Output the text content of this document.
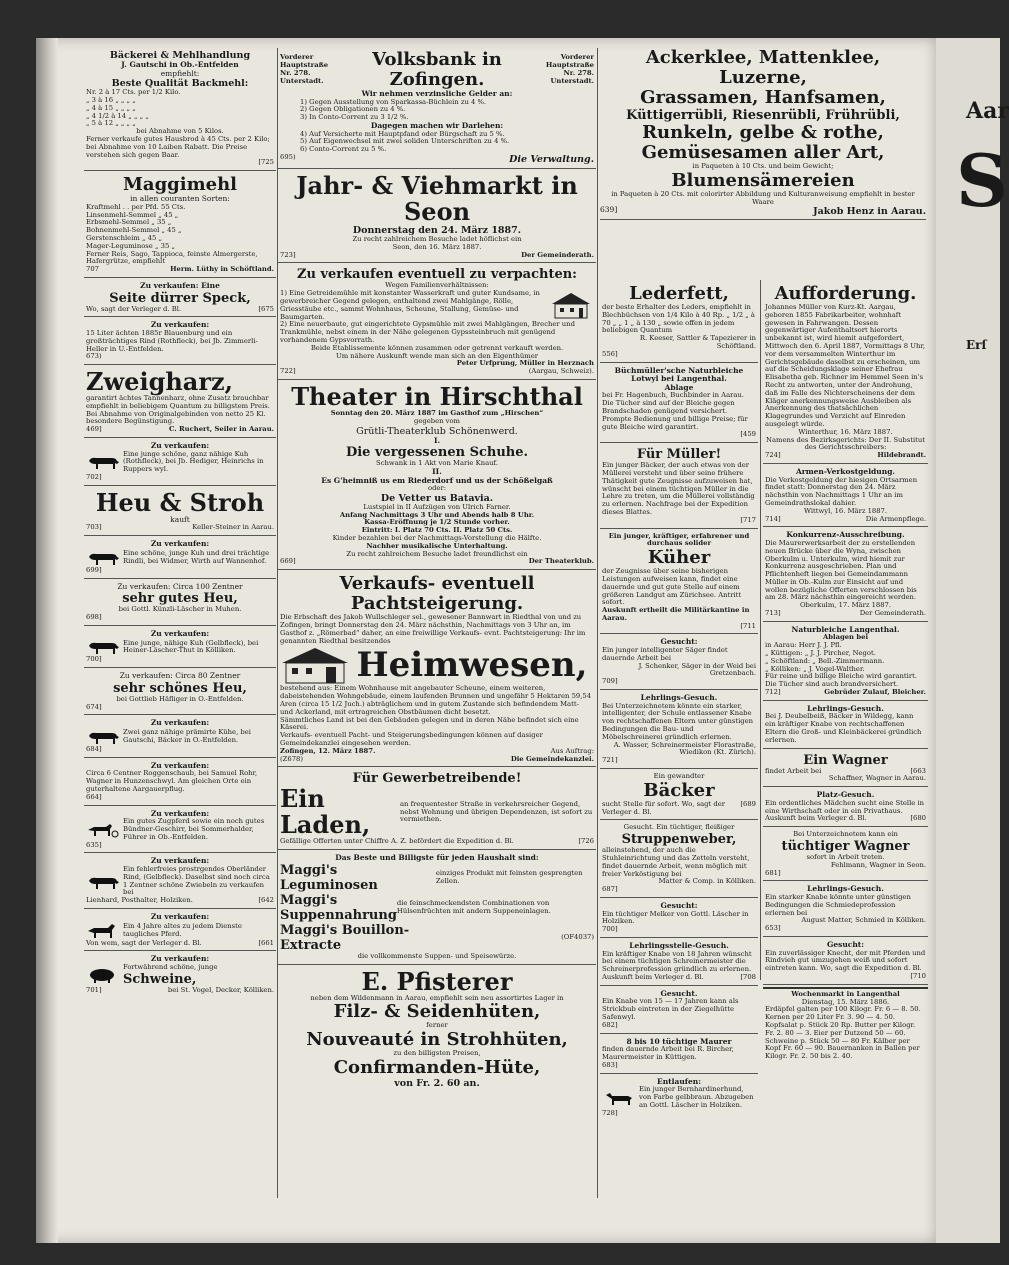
Aar
S
Erſ
Bäckerei & Mehlhandlung
J. Gautschi in Ob.-Entfelden
empfiehlt:
Beste Qualität Backmehl:
Nr. 2 à 17 Cts. per 1/2 Kilo.
„ 3 à 16 „ „ „ „
„ 4 à 15 „ „ „ „
„ 4 1/2 à 14 „ „ „ „
„ 5 à 12 „ „ „ „
bei Abnahme von 5 Kilos.
Ferner verkaufe gutes Hausbrod à 45 Cts. per 2 Kilo; bei Abnahme von 10 Laiben Rabatt. Die Preise verstehen sich gegen Baar.
[725
Maggimehl
in allen couranten Sorten:
Kraftmehl . . per Pfd. 55 Cts.
Linsenmehl-Semmel „ 45 „
Erbsmehl-Semmel „ 35 „
Bohnenmehl-Semmel „ 45 „
Gerstenschleim „ 45 „
Mager-Leguminose „ 35 „
Ferner Reis, Sago, Tappioca, feinste Almergerste, Hafergrütze, empfiehlt
707	Herm. Lüthy in Schöftland.
Zu verkaufen: Eine
Seite dürrer Speck,
Wo, sagt der Verleger d. Bl.	[675
Zu verkaufen:
15 Liter ächten 1885r Blauenburg und ein großträchtiges Rind (Rothfleck), bei Jb. Zimmerli-Heller in U.-Entfelden.
673)
Zweigharz,
garantirt ächtes Tannenharz, ohne Zusatz brauchbar empfiehlt in beliebigem Quantum zu billigstem Preis. Bei Abnahme von Originalgebinden von netto 25 Kl. besondere Begünstigung.
469]	C. Ruchert, Seiler in Aarau.
Zu verkaufen:
Eine junge schöne, ganz nähige Kuh (Rothfleck), bei Jb. Hediger, Heinrichs in Ruppers wyl.
702]
Heu & Stroh
kauft
703]	Keller-Steiner in Aarau.
Zu verkaufen:
Eine schöne, junge Kuh und drei trächtige Rindli, bei Widmer, Wirth auf Wannenhof.
699]
Zu verkaufen: Circa 100 Zentner
sehr gutes Heu,
bei Gottl. Künzli-Läscher in Muhen.
698]
Zu verkaufen:
Eine junge, nähige Kuh (Gelbfleck), bei Heiner-Läscher-Thut in Kölliken.
700]
Zu verkaufen: Circa 80 Zentner
sehr schönes Heu,
bei Gottlieb Häfliger in O.-Entfelden.
674]
Zu verkaufen:
Zwei ganz nähige prämirte Kühe, bei Gautschi, Bäcker in O.-Entfelden.
684]
Zu verkaufen:
Circa 6 Centner Roggenschaub, bei Samuel Rohr, Wagner in Hunzenschwyl. Am gleichen Orte ein guterhaltene Aargauerpflug.
664]
Zu verkaufen:
Ein gutes Zugpferd sowie ein noch gutes Bündner-Geschirr, bei Sommerhalder, Führer in Ob.-Entfelden.
635]
Zu verkaufen:
Ein fehlerfreies prostrgendes Oberländer Rind, (Gelbfleck). Daselbst sind noch circa 1 Zentner schöne Zwiebeln zu verkaufen bei
Lienhard, Posthalter, Holziken.	[642
Zu verkaufen:
Ein 4 Jahre altes zu jedem Dienste taugliches Pferd.
Von wem, sagt der Verleger d. Bl.	[661
Zu verkaufen:
Fortwährend schöne, junge
Schweine,
701]	bei St. Vogel, Decker, Kölliken.
Vorderer Hauptstraße Nr. 278. Unterstadt.
Volksbank in Zofingen.
Vorderer Hauptstraße Nr. 278. Unterstadt.
Wir nehmen verzinsliche Gelder an:
1) Gegen Ausstellung von Sparkassa-Büchlein zu 4 %.
2) Gegen Obligationen zu 4 %.
3) In Conto-Corrent zu 3 1/2 %.
Dagegen machen wir Darlehen:
4) Auf Versicherte mit Hauptpfand oder Bürgschaft zu 5 %.
5) Auf Eigenwechsel mit zwei soliden Unterschriften zu 4 %.
6) Conto-Corrent zu 5 %.
695)	Die Verwaltung.
Jahr- & Viehmarkt in Seon
Donnerstag den 24. März 1887.
Zu recht zahlreichem Besuche ladet höflichst ein
Seon, den 16. März 1887.
723]	Der Gemeinderath.
Zu verkaufen eventuell zu verpachten:
Wegen Familienverhältnissen:
1) Eine Getreidemühle mit konstanter Wasserkraft und guter Kundsame, in gewerbreicher Gegend gelegen, enthaltend zwei Mahlgänge, Rölle, Griesstäube etc., sammt Wohnhaus, Scheune, Stallung, Gemüse- und Baumgarten.
2) Eine neuerbaute, gut eingerichtete Gypsmühle mit zwei Mahlgängen, Brecher und Trankmühle, nebst einem in der Nähe gelegenen Gypssteinbruch mit genügend vorhandenem Gypsvorrath.
Beide Etablissemente können zusammen oder getrennt verkauft werden.
Um nähere Auskunft wende man sich an den Eigenthümer
Peter Urfprung, Müller in Herznach
722]	(Aargau, Schweiz).
Theater in Hirschthal
Sonntag den 20. März 1887 im Gasthof zum „Hirschen“
gegeben vom
Grütli-Theaterklub Schönenwerd.
I.
Die vergessenen Schuhe.
Schwank in 1 Akt von Marie Knauf.
II.
Es G'heimniß us em Riederdorf und us der Schößelgaß
oder:
De Vetter us Batavia.
Lustspiel in II Aufzügen von Ulrich Farner.
Anfang Nachmittags 3 Uhr und Abends halb 8 Uhr.
Kassa-Eröffnung je 1/2 Stunde vorher.
Eintritt: I. Platz 70 Cts. II. Platz 50 Cts.
Kinder bezahlen bei der Nachmittags-Vorstellung die Hälfte.
Nachher musikalische Unterhaltung.
Zu recht zahlreichem Besuche ladet freundlichst ein
669]	Der Theaterklub.
Verkaufs- eventuell Pachtsteigerung.
Die Erbschaft des Jakob Wullschleger sel., gewesener Bannwart in Riedthal von und zu Zofingen, bringt Donnerstag den 24. März nächsthin, Nachmittags von 3 Uhr an, im Gasthof z. „Römerbad“ daher, an eine freiwillige Verkaufs- evnt. Pachtsteigerung: Ihr im genannten Riedthal besitzendes
Heimwesen,
bestehend aus: Einem Wohnhause mit angebauter Scheune, einem weiteren, dabeistehenden Wohngebäude, einem laufenden Brunnen und ungefähr 5 Hektaren 59,54 Aren (circa 15 1/2 Juch.) abträglichem und in gutem Zustande sich befindendem Matt- und Ackerland, mit ertragreichen Obstbäumen dicht besetzt.
Sämmtliches Land ist bei den Gebäuden gelegen und in deren Nähe befindet sich eine Käserei.
Verkaufs- eventuell Pacht- und Steigerungsbedingungen können auf dasiger Gemeindekanzlei eingesehen werden.
Zofingen, 12. März 1887.	Aus Auftrag:
(Z678)	Die Gemeindekanzlei.
Für Gewerbetreibende!
Ein Laden,
an frequentester Straße in verkehrsreicher Gegend, nebst Wohnung und übrigen Dependenzen, ist sofort zu vermiethen.
Gefällige Offerten unter Chiffre A. Z. befördert die Expedition d. Bl.	[726
Das Beste und Billigste für jeden Haushalt sind:
Maggi's Leguminosen
einziges Produkt mit feinsten gesprengten Zellen.
Maggi's Suppennahrung
die feinschmeckendsten Combinationen von Hülsenfrüchten mit andern Suppeneinlagen.
Maggi's Bouillon-Extracte
(OF4037)
die vollkommenste Suppen- und Speisewürze.
E. Pfisterer
neben dem Wildenmann in Aarau, empfiehlt sein neu assortirtes Lager in
Filz- & Seidenhüten,
ferner
Nouveauté in Strohhüten,
zu den billigsten Preisen,
Confirmanden-Hüte,
von Fr. 2. 60 an.
Ackerklee, Mattenklee, Luzerne,
Grassamen, Hanfsamen,
Küttigerrübli, Riesenrübli, Frührübli,
Runkeln, gelbe & rothe,
Gemüsesamen aller Art,
in Paqueten à 10 Cts. und beim Gewicht;
Blumensämereien
in Paqueten à 20 Cts. mit colorirter Abbildung und Kulturanweisung empfiehlt in bester Waare
639]	Jakob Henz in Aarau.
Lederfett,
der beste Erhalter des Leders, empfiehlt in Blechbüchsen von 1/4 Kilo à 40 Rp. „ 1/2 „ à 70 „ „ 1 „ à 130 „ sowie offen in jedem beliebigen Quantum
R. Keeser, Sattler & Tapezierer in Schöftland.
556]
Büchmüller'sche Naturbleiche Lotwyl bei Langenthal.
Ablage
bei Fr. Hagenbuch, Buchbinder in Aarau. Die Tücher sind auf der Bleiche gegen Brandschaden genügend versichert. Prompte Bedienung und billige Preise; für gute Bleiche wird garantirt.
[459
Für Müller!
Ein junger Bäcker, der auch etwas von der Müllerei versteht und über seine frühere Thätigkeit gute Zeugnisse aufzuweisen hat, wünscht bei einem tüchtigen Müller in die Lehre zu treten, um die Müllerei vollständig zu erlernen. Nachfrage bei der Expedition dieses Blattes.
[717
Ein junger, kräftiger, erfahrener und durchaus solider
Küher
der Zeugnisse über seine bisherigen Leistungen aufweisen kann, findet eine dauernde und gut gute Stelle auf einem größeren Landgut am Zürichsee. Antritt sofort.
Auskunft ertheilt die Militärkantine in Aarau.
[711
Gesucht:
Ein junger intelligenter Säger findet dauernde Arbeit bei
J. Schenker, Säger in der Weid bei Gretzenbach.
709]
Lehrlings-Gesuch.
Bei Unterzeichnetem könnte ein starker, intelligenter, der Schule entlassener Knabe von rechtschaffenen Eltern unter günstigen Bedingungen die Bau- und Möbelschreinerei gründlich erlernen.
A. Wasser, Schreinermeister Florastraße, Wiedikon (Kt. Zürich).
721]
Ein gewandter
Bäcker
sucht Stelle für sofort. Wo, sagt der Verleger d. Bl.
[689
Gesucht. Ein tüchtiger, fleißiger
Struppenweber,
alleinstehend, der auch die Stuhleinrichtung und das Zetteln versteht, findet dauernde Arbeit, wenn möglich mit freier Verköstigung bei
Matter & Comp. in Kölliken.
687]
Gesucht:
Ein tüchtiger Melker von Gottl. Läscher in Holziken.
700]
Lehrlingsstelle-Gesuch.
Ein kräftiger Knabe von 18 Jahren wünscht bei einem tüchtigen Schreinermeister die Schreinerprofession gründlich zu erlernen.
Auskunft beim Verleger d. Bl.	[708
Gesucht.
Ein Knabe von 15 — 17 Jahren kann als Strickbub eintreten in der Ziegelhütte Safenwyl.
682]
8 bis 10 tüchtige Maurer
finden dauernde Arbeit bei R. Bircher, Maurermeister in Küttigen.
683]
Entlaufen:
Ein junger Bernhardinerhund, von Farbe gelbbraun. Abzugeben an Gottl. Läscher in Holziken.
728]
Aufforderung.
Johannes Müller von Kurz-Kt. Aargau, geboren 1855 Fabrikarbeiter, wohnhaft gewesen in Fahrwangen. Dessen gegenwärtiger Aufenthaltsort hierorts unbekannt ist, wird hiemit aufgefordert, Mittwoch den 6. April 1887, Vormittags 8 Uhr, vor dem versammelten Winterthur im Gerichtsgebäude daselbst zu erscheinen, um auf die Scheidungsklage seiner Ehefrau Elisabetha geb. Richner im Hemmel Seen in's Recht zu antworten, unter der Androhung, daß im Falle des Nichterscheinens der dem Kläger anerkennungsweise Ausbleiben als Anerkennung des thatsächlichen Klagegrundes und Verzicht auf Einreden ausgelegt würde.
Winterthur, 16. März 1887.
Namens des Bezirksgerichts: Der II. Substitut des Gerichtsschreibers:
724]	Hildebrandt.
Armen-Verkostgeldung.
Die Verkostgeldung der hiesigen Ortsarmen findet statt: Donnerstag den 24. März nächsthin von Nachmittags 1 Uhr an im Gemeindrathslokal dahier.
Wittwyl, 16. März 1887.
714]	Die Armenpflege.
Konkurrenz-Ausschreibung.
Die Maurerwerksarbeit der zu erstellenden neuen Brücke über die Wyna, zwischen Oberkulm u. Unterkulm, wird hiemit zur Konkurrenz ausgeschrieben. Plan und Pflichtenheft liegen bei Gemeindammann Müller in Ob.-Kulm zur Einsicht auf und wollen bezügliche Offerten verschlossen bis am 28. März nächsthin eingereicht werden.
Oberkulm, 17. März 1887.
713]	Der Gemeinderath.
Naturbleiche Langenthal.
Ablagen bei
in Aarau: Herr J. J. Pfl.
„ Küttigen: „ J. J. Pircher, Negot.
„ Schöftland: „ Bell.-Zimmermann.
„ Kölliken: „ J. Vogel-Walther.
Für reine und billige Bleiche wird garantirt. Die Tücher sind auch brandversichert.
712]	Gebrüder Zulauf, Bleicher.
Lehrlings-Gesuch.
Bei J. Deubelbeiß, Bäcker in Wildegg, kann ein kräftiger Knabe von rechtschaffenen Eltern die Groß- und Kleinbäckerei gründlich erlernen.
Ein Wagner
findet Arbeit bei	[663
Schaffner, Wagner in Aarau.
Platz-Gesuch.
Ein ordentliches Mädchen sucht eine Stelle in eine Wirthschaft oder in ein Privathaus.
Auskunft beim Verleger d. Bl.	[680
Bei Unterzeichnetem kann ein
tüchtiger Wagner
sofort in Arbeit treten.
Fehlmann, Wagner in Seon.
681]
Lehrlings-Gesuch.
Ein starker Knabe könnte unter günstigen Bedingungen die Schmiedeprofession erlernen bei
August Matter, Schmied in Kölliken.
653]
Gesucht:
Ein zuverlässiger Knecht, der mit Pferden und Rindvieh gut umzugehen weiß und sofort eintreten kann. Wo, sagt die Expedition d. Bl.
[710
Wochenmarkt in Langenthal
Dienstag, 15. März 1886.
Erdäpfel galten per 100 Kilogr. Fr. 6 — 8. 50. Kernen per 20 Liter Fr. 3. 90 — 4. 50. Kopfsalat p. Stück 20 Rp. Butter per Kilogr. Fr. 2. 80 — 3. Eier per Dutzend 50 — 60. Schweine p. Stück 50 — 80 Fr. Kälber per Kopf Fr. 60 — 90. Bauernanken in Ballen per Kilogr. Fr. 2. 50 bis 2. 40.
